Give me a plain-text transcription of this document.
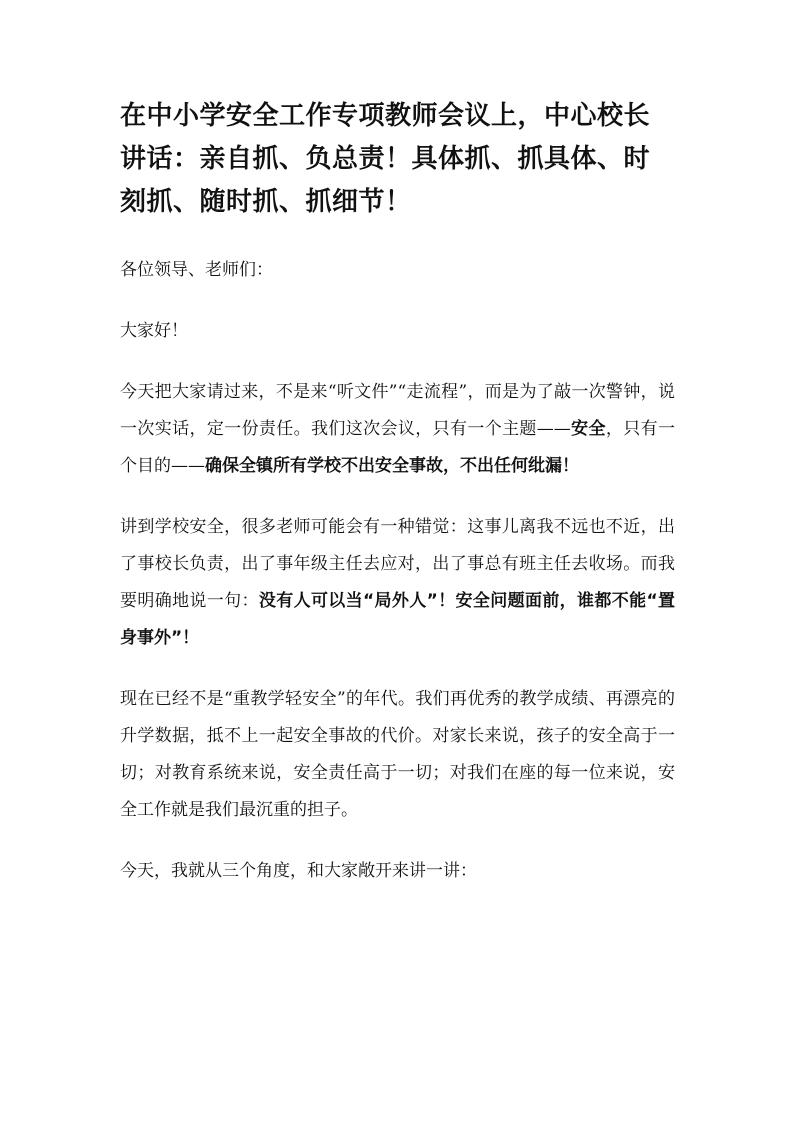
在中小学安全工作专项教师会议上，中心校长讲话：亲自抓、负总责！具体抓、抓具体、时刻抓、随时抓、抓细节！

各位领导、老师们：

大家好！

今天把大家请过来，不是来“听文件”“走流程”，而是为了敲一次警钟，说一次实话，定一份责任。我们这次会议，只有一个主题——安全，只有一个目的——确保全镇所有学校不出安全事故，不出任何纰漏！

讲到学校安全，很多老师可能会有一种错觉：这事儿离我不远也不近，出了事校长负责，出了事年级主任去应对，出了事总有班主任去收场。而我要明确地说一句：没有人可以当“局外人”！安全问题面前，谁都不能“置身事外”！

现在已经不是“重教学轻安全”的年代。我们再优秀的教学成绩、再漂亮的升学数据，抵不上一起安全事故的代价。对家长来说，孩子的安全高于一切；对教育系统来说，安全责任高于一切；对我们在座的每一位来说，安全工作就是我们最沉重的担子。

今天，我就从三个角度，和大家敞开来讲一讲：
